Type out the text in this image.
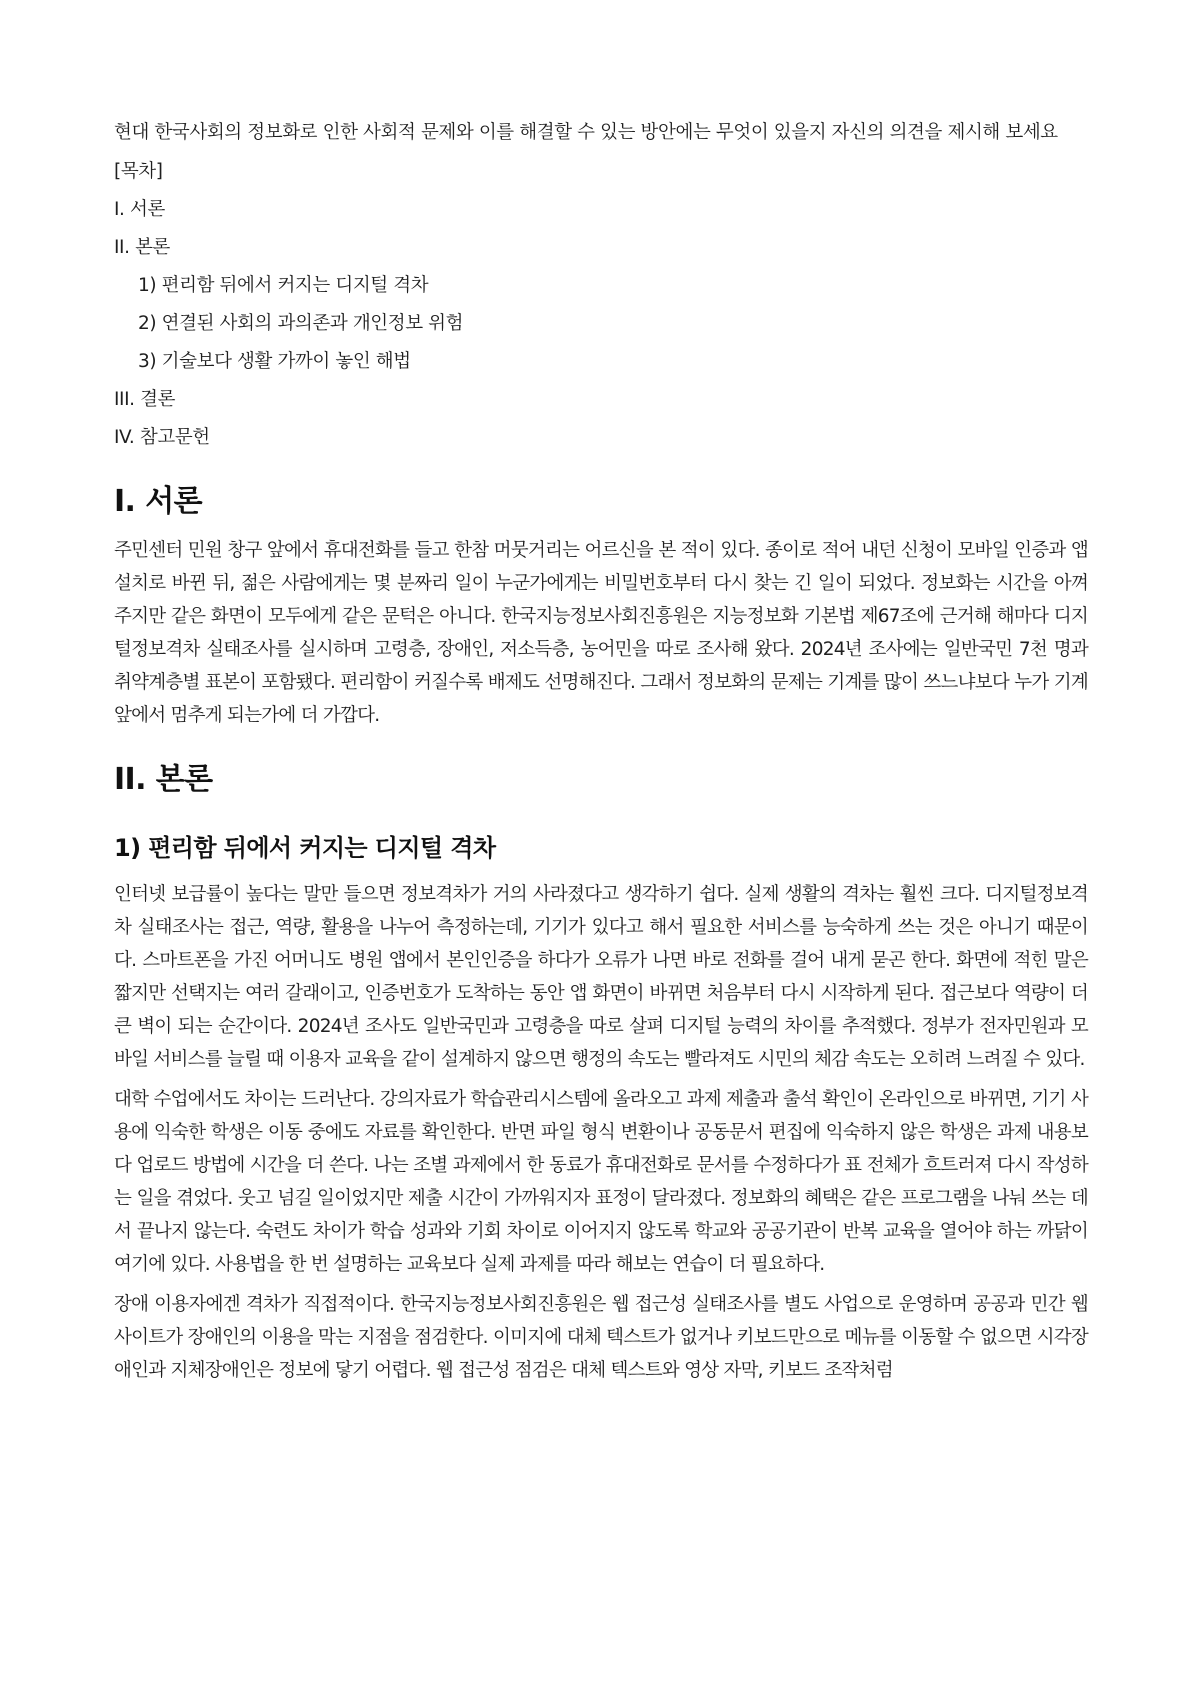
현대 한국사회의 정보화로 인한 사회적 문제와 이를 해결할 수 있는 방안에는 무엇이 있을지 자신의 의견을 제시해 보세요

[목차]
I. 서론
II. 본론
1) 편리함 뒤에서 커지는 디지털 격차
2) 연결된 사회의 과의존과 개인정보 위험
3) 기술보다 생활 가까이 놓인 해법
III. 결론
IV. 참고문헌
I. 서론

주민센터 민원 창구 앞에서 휴대전화를 들고 한참 머뭇거리는 어르신을 본 적이 있다. 종이로 적어 내던 신청이 모바일 인증과 앱 설치로 바뀐 뒤, 젊은 사람에게는 몇 분짜리 일이 누군가에게는 비밀번호부터 다시 찾는 긴 일이 되었다. 정보화는 시간을 아껴 주지만 같은 화면이 모두에게 같은 문턱은 아니다. 한국지능정보사회진흥원은 지능정보화 기본법 제67조에 근거해 해마다 디지털정보격차 실태조사를 실시하며 고령층, 장애인, 저소득층, 농어민을 따로 조사해 왔다. 2024년 조사에는 일반국민 7천 명과 취약계층별 표본이 포함됐다. 편리함이 커질수록 배제도 선명해진다. 그래서 정보화의 문제는 기계를 많이 쓰느냐보다 누가 기계 앞에서 멈추게 되는가에 더 가깝다.

II. 본론
1) 편리함 뒤에서 커지는 디지털 격차

인터넷 보급률이 높다는 말만 들으면 정보격차가 거의 사라졌다고 생각하기 쉽다. 실제 생활의 격차는 훨씬 크다. 디지털정보격차 실태조사는 접근, 역량, 활용을 나누어 측정하는데, 기기가 있다고 해서 필요한 서비스를 능숙하게 쓰는 것은 아니기 때문이다. 스마트폰을 가진 어머니도 병원 앱에서 본인인증을 하다가 오류가 나면 바로 전화를 걸어 내게 묻곤 한다. 화면에 적힌 말은 짧지만 선택지는 여러 갈래이고, 인증번호가 도착하는 동안 앱 화면이 바뀌면 처음부터 다시 시작하게 된다. 접근보다 역량이 더 큰 벽이 되는 순간이다. 2024년 조사도 일반국민과 고령층을 따로 살펴 디지털 능력의 차이를 추적했다. 정부가 전자민원과 모바일 서비스를 늘릴 때 이용자 교육을 같이 설계하지 않으면 행정의 속도는 빨라져도 시민의 체감 속도는 오히려 느려질 수 있다.

대학 수업에서도 차이는 드러난다. 강의자료가 학습관리시스템에 올라오고 과제 제출과 출석 확인이 온라인으로 바뀌면, 기기 사용에 익숙한 학생은 이동 중에도 자료를 확인한다. 반면 파일 형식 변환이나 공동문서 편집에 익숙하지 않은 학생은 과제 내용보다 업로드 방법에 시간을 더 쓴다. 나는 조별 과제에서 한 동료가 휴대전화로 문서를 수정하다가 표 전체가 흐트러져 다시 작성하는 일을 겪었다. 웃고 넘길 일이었지만 제출 시간이 가까워지자 표정이 달라졌다. 정보화의 혜택은 같은 프로그램을 나눠 쓰는 데서 끝나지 않는다. 숙련도 차이가 학습 성과와 기회 차이로 이어지지 않도록 학교와 공공기관이 반복 교육을 열어야 하는 까닭이 여기에 있다. 사용법을 한 번 설명하는 교육보다 실제 과제를 따라 해보는 연습이 더 필요하다.

장애 이용자에겐 격차가 직접적이다. 한국지능정보사회진흥원은 웹 접근성 실태조사를 별도 사업으로 운영하며 공공과 민간 웹사이트가 장애인의 이용을 막는 지점을 점검한다. 이미지에 대체 텍스트가 없거나 키보드만으로 메뉴를 이동할 수 없으면 시각장애인과 지체장애인은 정보에 닿기 어렵다. 웹 접근성 점검은 대체 텍스트와 영상 자막, 키보드 조작처럼
